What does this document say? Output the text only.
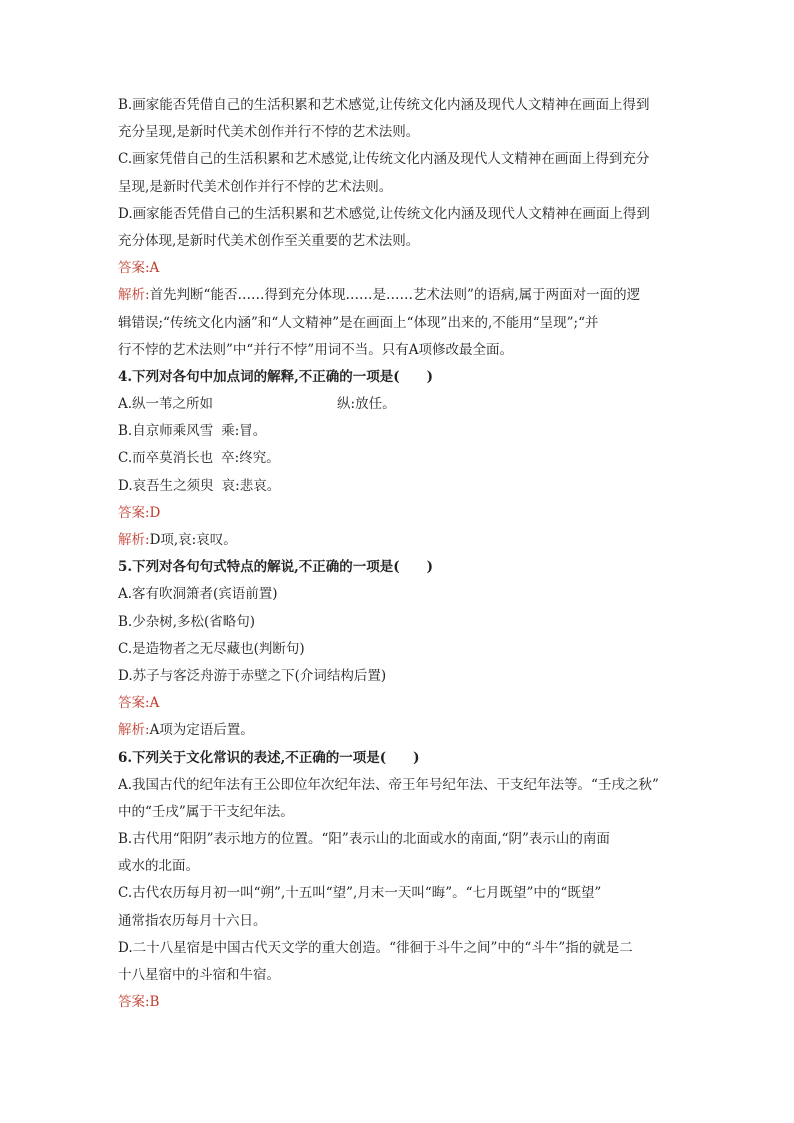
B.画家能否凭借自己的生活积累和艺术感觉,让传统文化内涵及现代人文精神在画面上得到
充分呈现,是新时代美术创作并行不悖的艺术法则。
C.画家凭借自己的生活积累和艺术感觉,让传统文化内涵及现代人文精神在画面上得到充分
呈现,是新时代美术创作并行不悖的艺术法则。
D.画家能否凭借自己的生活积累和艺术感觉,让传统文化内涵及现代人文精神在画面上得到
充分体现,是新时代美术创作至关重要的艺术法则。
答案:A
解析:首先判断“能否……得到充分体现……是……艺术法则”的语病,属于两面对一面的逻
辑错误;“传统文化内涵”和“人文精神”是在画面上“体现”出来的,不能用“呈现”;“并
行不悖的艺术法则”中“并行不悖”用词不当。只有A项修改最全面。
4.下列对各句中加点词的解释,不正确的一项是(　　)
A.纵一苇之所如	纵:放任。
B.自京师乘风雪 乘:冒。
C.而卒莫消长也 卒:终究。
D.哀吾生之须臾 哀:悲哀。
答案:D
解析:D项,哀:哀叹。
5.下列对各句句式特点的解说,不正确的一项是(　　)
A.客有吹洞箫者(宾语前置)
B.少杂树,多松(省略句)
C.是造物者之无尽藏也(判断句)
D.苏子与客泛舟游于赤壁之下(介词结构后置)
答案:A
解析:A项为定语后置。
6.下列关于文化常识的表述,不正确的一项是(　　)
A.我国古代的纪年法有王公即位年次纪年法、帝王年号纪年法、干支纪年法等。“壬戌之秋”
中的“壬戌”属于干支纪年法。
B.古代用“阳阴”表示地方的位置。“阳”表示山的北面或水的南面,“阴”表示山的南面
或水的北面。
C.古代农历每月初一叫“朔”,十五叫“望”,月末一天叫“晦”。“七月既望”中的“既望”
通常指农历每月十六日。
D.二十八星宿是中国古代天文学的重大创造。“徘徊于斗牛之间”中的“斗牛”指的就是二
十八星宿中的斗宿和牛宿。
答案:B
